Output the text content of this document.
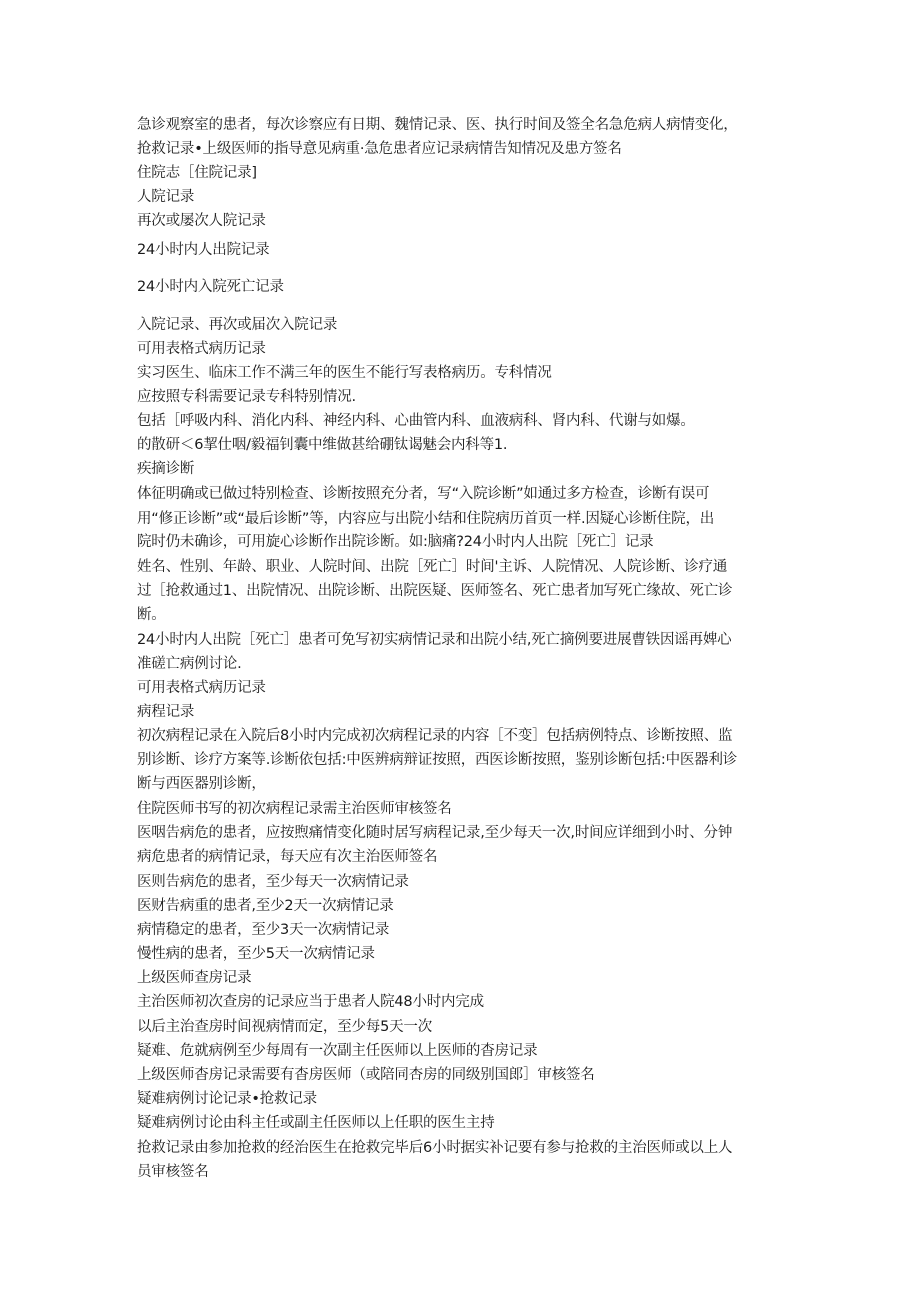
急诊观察室的患者，每次诊察应有日期、魏情记录、医、执行时间及签全名急危病人病情变化，
抢救记录•上级医师的指导意见病重·急危患者应记录病情告知情况及患方签名
住院志［住院记录]
人院记录
再次或屡次人院记录
24小时内人出院记录
24小时内入院死亡记录
入院记录、再次或届次入院记录
可用表格式病历记录
实习医生、临床工作不满三年的医生不能行写表格病历。专科情况
应按照专科需要记录专科特别情况.
包括［呼吸内科、消化内科、神经内科、心曲管内科、血液病科、肾内科、代谢与如爆。
的散研＜6挈仕咽/毅福钊囊中维做甚给硼钛谒魅会内科等1.
疾摘诊断
体征明确或已做过特别检查、诊断按照充分者，写“入院诊断”如通过多方检查，诊断有误可
用“修正诊断”或“最后诊断”等，内容应与出院小结和住院病历首页一样.因疑心诊断住院，出
院时仍未确诊，可用旋心诊断作出院诊断。如:脑痛?24小时内人出院［死亡］记录
姓名、性别、年龄、职业、人院时间、出院［死亡］时间'主诉、人院情况、人院诊断、诊疗通
过［抢救通过1、出院情况、出院诊断、出院医疑、医师签名、死亡患者加写死亡缘故、死亡诊
断。
24小时内人出院［死亡］患者可免写初实病情记录和出院小结,死亡摘例要进展曹铁因谣再婢心
准磋亡病例讨论.
可用表格式病历记录
病程记录
初次病程记录在入院后8小时内完成初次病程记录的内容［不变］包括病例特点、诊断按照、监
别诊断、诊疗方案等.诊断依包括:中医辨病辩证按照，西医诊断按照，鉴别诊断包括:中医器利诊
断与西医器别诊断，
住院医师书写的初次病程记录需主治医师审核签名
医咽告病危的患者，应按煦痛情变化随时居写病程记录,至少每天一次,时间应详细到小时、分钟
病危患者的病情记录，每天应有次主治医师签名
医则告病危的患者，至少每天一次病情记录
医财告病重的患者,至少2天一次病情记录
病情稳定的患者，至少3天一次病情记录
慢性病的患者，至少5天一次病情记录
上级医师查房记录
主治医师初次查房的记录应当于患者人院48小时内完成
以后主治查房时间视病情而定，至少每5天一次
疑难、危就病例至少每周有一次副主任医师以上医师的杳房记录
上级医师杳房记录需要有杳房医师（或陪同杏房的同级别国郎］审核签名
疑难病例讨论记录•抢救记录
疑难病例讨论由科主任或副主任医师以上任职的医生主持
抢救记录由参加抢救的经治医生在抢救完毕后6小时据实补记要有参与抢救的主治医师或以上人
员审核签名
